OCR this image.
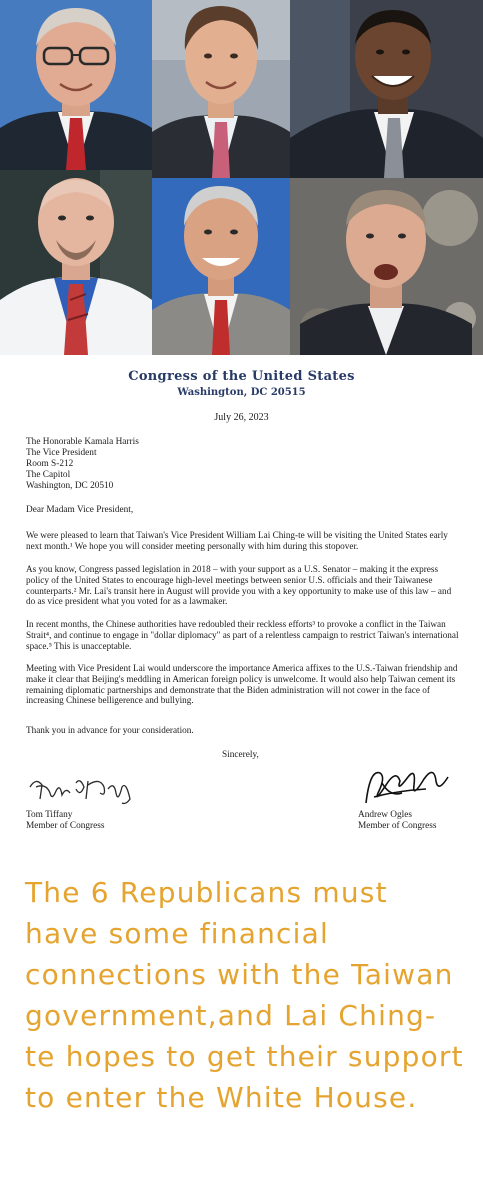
Congress of the United States
Washington, DC 20515
July 26, 2023
The Honorable Kamala Harris
The Vice President
Room S-212
The Capitol
Washington, DC 20510
Dear Madam Vice President,
We were pleased to learn that Taiwan's Vice President William Lai Ching-te will be visiting the United States early next month.¹ We hope you will consider meeting personally with him during this stopover.
As you know, Congress passed legislation in 2018 – with your support as a U.S. Senator – making it the express policy of the United States to encourage high-level meetings between senior U.S. officials and their Taiwanese counterparts.² Mr. Lai's transit here in August will provide you with a key opportunity to make use of this law – and do as vice president what you voted for as a lawmaker.
In recent months, the Chinese authorities have redoubled their reckless efforts³ to provoke a conflict in the Taiwan Strait⁴, and continue to engage in "dollar diplomacy" as part of a relentless campaign to restrict Taiwan's international space.⁵ This is unacceptable.
Meeting with Vice President Lai would underscore the importance America affixes to the U.S.-Taiwan friendship and make it clear that Beijing's meddling in American foreign policy is unwelcome. It would also help Taiwan cement its remaining diplomatic partnerships and demonstrate that the Biden administration will not cower in the face of increasing Chinese belligerence and bullying.
Thank you in advance for your consideration.
Sincerely,
Tom Tiffany
Member of Congress
Andrew Ogles
Member of Congress
The 6 Republicans must have some financial connections with the Taiwan government,and Lai Ching-te hopes to get their support to enter the White House.
